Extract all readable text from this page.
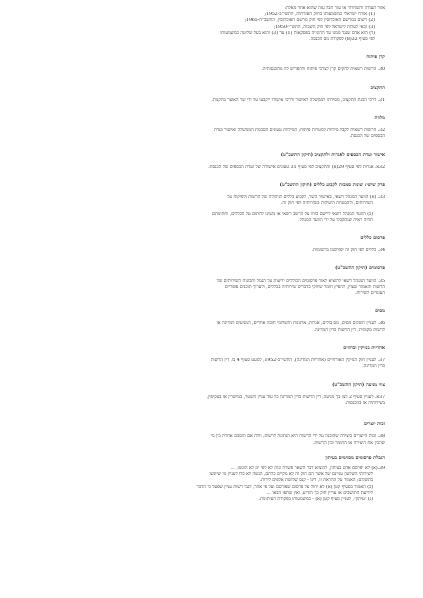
אזור תעודה והשחרור או עזר חבל עזה שהוא אחד מאלה:
(1) אזרח ישראלי כמשמעותו בחוק האזרחות, התשי"ב-1952;
(2) רשום במרשם האוכלוסין לפי חוק מרשם האוכלוסין, התשכ"ה-1965;
(3) זכאי לעלות לישראל לפי חוק השבות, התש"י-1950;
(ד) הוא אדם שנגד ממנו עד ההונייה בפסקאות (1) עד (3) והוא בעל שליטה כמשמעותו
לפי סעיף 32(8) לפקודת מס הכנסה.
קרן פיתוח
30. הרשות רשאית להקים קרן לצרכי פיתוח ולהפריש לה מהכנסותיה.
התקציב
31. דרכי הכנת התקציב, מסירתו לממשלה לאישור ודרכי אישורו ייקבעו על ידי שר האוצר בתקנות.
מלוות
32. הרשות רשאית לקבל מילוות למטרות פיתוח; המילוות טעונים הסכמת הממשלה ואישור ועדת
הכספים של הכנסת.
אישור ועדת הכספים לאגרות ולתקציב (תיקון התשכ"ט)
32א. אגרות לפי סעיף 29(א) והתקציב לפי סעיף 31 טעונים אישורה של ועדת הכספים של הכנסת.
פרק שישי: שונות סמכות לקבוע כללים (תיקון התשכ"ט)
33. (א) הוועד המנהל רשאי, באישור השר, לקבוע כללים לניהולה של הרשות ולפיקוח על
השירותים, ולהבטחת היעילות בשירותיה לפי חוק זה.
(ב) הוועד המנהל רשאי ליישם כוחו על הרשב רשאי או משיגו לחתום על הכללים, וחתימתם
תהיה ראיה שנתקבלו על ידי הוועד המנהל.
פרסום כללים
34. כללים לפי חוק זה יפורסמו ברשומות.
פרסומים (תיקון התשכ"ט)
35. הוועד המנהל רשאי להוציא לאור פרסומים הכוללים ידיעות על הנמל ותכונות השירותים של
הרשות והאמור שצוין, להפיץ חומר שיווקי בדבריס שירותיה בכללים, ולערוך תוכנים פופריים
העוגדים לשירות.
מסים
36. לעניין תשלום מסים, מס בולים, אגרות, ארנונות ותשלומי חובה אחרים, המגיעים למדינה או
לרשות מקומית, דין הרשות כדין המדינה.
אחריות בנזיקין ובחוזים
37. לעניין חוק הנזיקין האזרחיים (אחריות המדינה), התשי"ב-1952, למעט סעיף 4 בו, דין הרשות
כדין המדינה.
צווי מניעה (תיקון התשכ"ט)
37א. לעניין סעיף 2 לצו בך מניעה, דין הרשות כדין המדינה כל עוד עניין השטר, במישרין או בעקיפין,
בשירותיה או בהכנסות.
זכות יוצרים
38. זכות היוצרים ביצירה שהוכנה על ידי הרשות היא הנתונה לרשות, וולת אם הוסכם אחרת בין מי
שהכין את היצירה או החומר ובין הרשות.
הגבלת פרסומים מסוימים בעיתון
39.(א) לא יפרסם אדם בעיתון, להוציא דבר השאר פשרה ונות לא לפי ימ לא הוגשו, ...
לשירותי השלטון עניינם של אשר הם חוק זה לא מקיים כלתם, הגשה לא כלו לעניין מי שיוגשו
בתשלום; האמור על ההראת זו, דינו - קנס שלושת אלפים לירות.
(ב) האמור בסעיף קטן (א) לא יחול על פרסום שפורסם ועל פי אחר, לגבי רשות עניין שפעל כי הדבר
לידיעת התושבים או עדיין חוק כך הודיע, ואין שתפו הבאו ...
(ג) ״עיתון״, לעניין סעיף קטן (א) - כמשמעותו בפקודת העיתונות.
